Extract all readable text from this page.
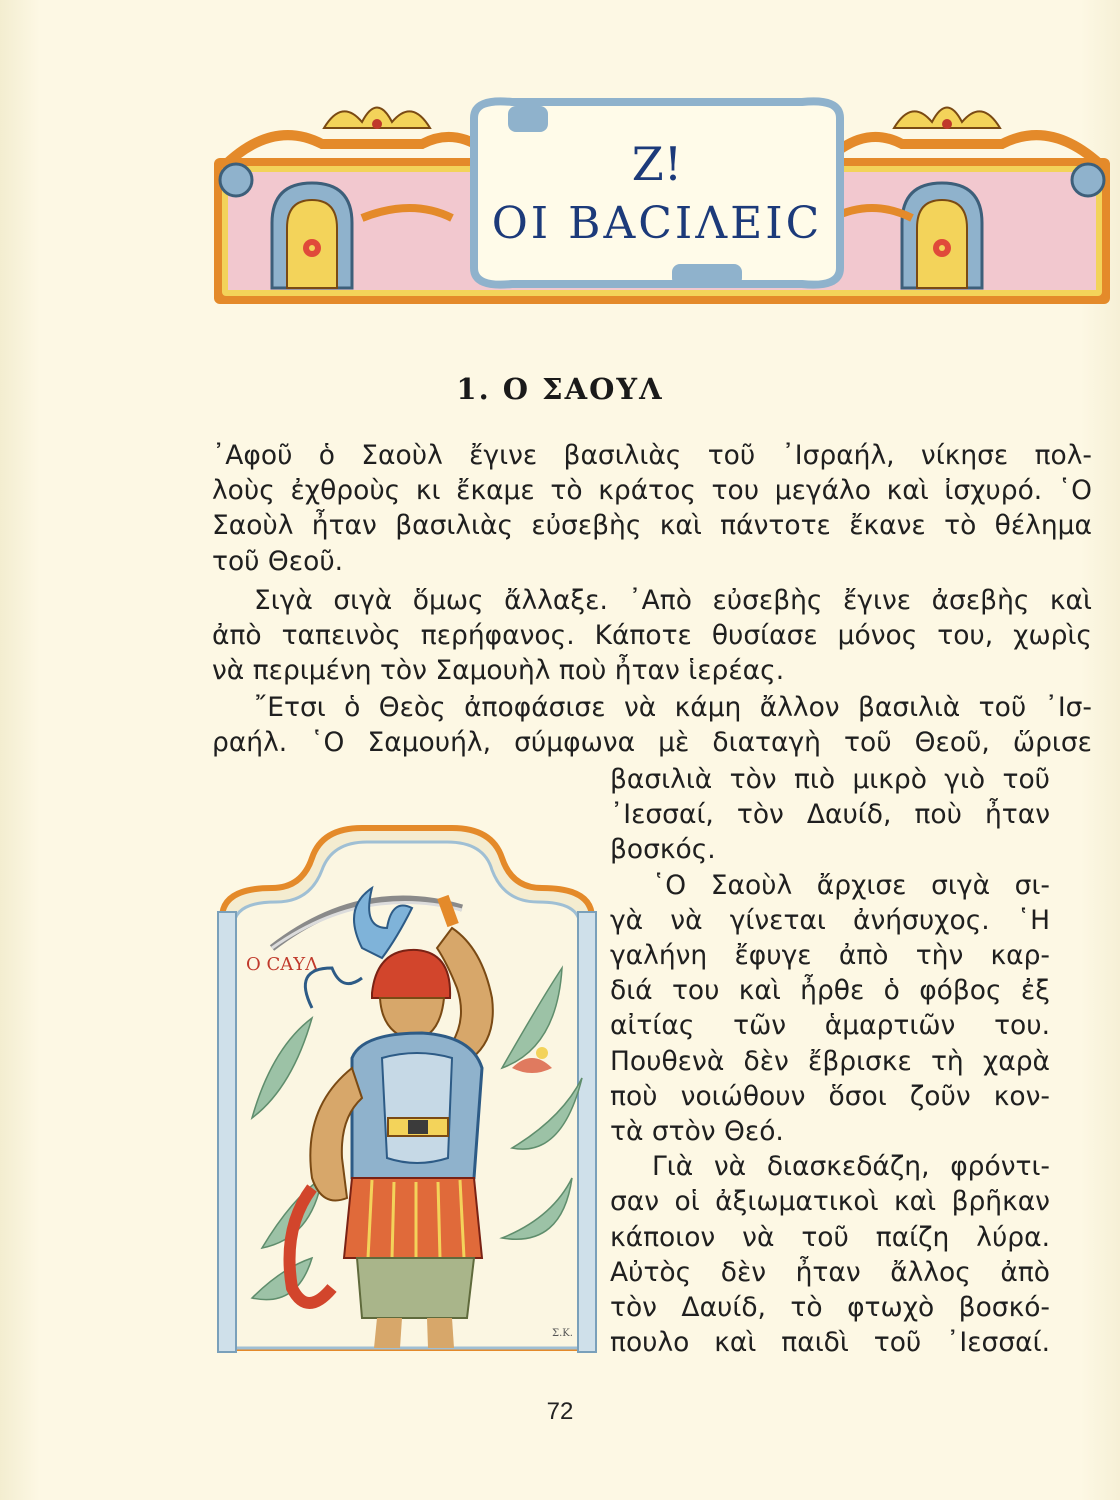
Ζ!
ΟΙ ΒΑCΙΛΕΙC
1. Ο ΣΑΟΥΛ
᾿Αφοῦ ὁ Σαοὺλ ἔγινε βασιλιὰς τοῦ ᾿Ισραήλ, νίκησε πολ-
λοὺς ἐχθροὺς κι ἔκαμε τὸ κράτος του μεγάλο καὶ ἰσχυρό. ῾Ο
Σαοὺλ ἦταν βασιλιὰς εὐσεβὴς καὶ πάντοτε ἔκανε τὸ θέλημα
τοῦ Θεοῦ.
Σιγὰ σιγὰ ὅμως ἄλλαξε. ᾿Απὸ εὐσεβὴς ἔγινε ἀσεβὴς καὶ
ἀπὸ ταπεινὸς περήφανος. Κάποτε θυσίασε μόνος του, χωρὶς
νὰ περιμένη τὸν Σαμουὴλ ποὺ ἦταν ἱερέας.
῎Ετσι ὁ Θεὸς ἀποφάσισε νὰ κάμη ἄλλον βασιλιὰ τοῦ ᾿Ισ-
ραήλ. ῾Ο Σαμουήλ, σύμφωνα μὲ διαταγὴ τοῦ Θεοῦ, ὥρισε
βασιλιὰ τὸν πιὸ μικρὸ γιὸ τοῦ
᾿Ιεσσαί, τὸν Δαυίδ, ποὺ ἦταν
βοσκός.
῾Ο Σαοὺλ ἄρχισε σιγὰ σι-
γὰ νὰ γίνεται ἀνήσυχος. ῾Η
γαλήνη ἔφυγε ἀπὸ τὴν καρ-
διά του καὶ ἦρθε ὁ φόβος ἐξ
αἰτίας τῶν ἁμαρτιῶν του.
Πουθενὰ δὲν ἔβρισκε τὴ χαρὰ
ποὺ νοιώθουν ὅσοι ζοῦν κον-
τὰ στὸν Θεό.
Γιὰ νὰ διασκεδάζη, φρόντι-
σαν οἱ ἀξιωματικοὶ καὶ βρῆκαν
κάποιον νὰ τοῦ παίζη λύρα.
Αὐτὸς δὲν ἦταν ἄλλος ἀπὸ
τὸν Δαυίδ, τὸ φτωχὸ βοσκό-
πουλο καὶ παιδὶ τοῦ ᾿Ιεσσαί.
Ο CΑΥΛ
Σ.Κ.
72
